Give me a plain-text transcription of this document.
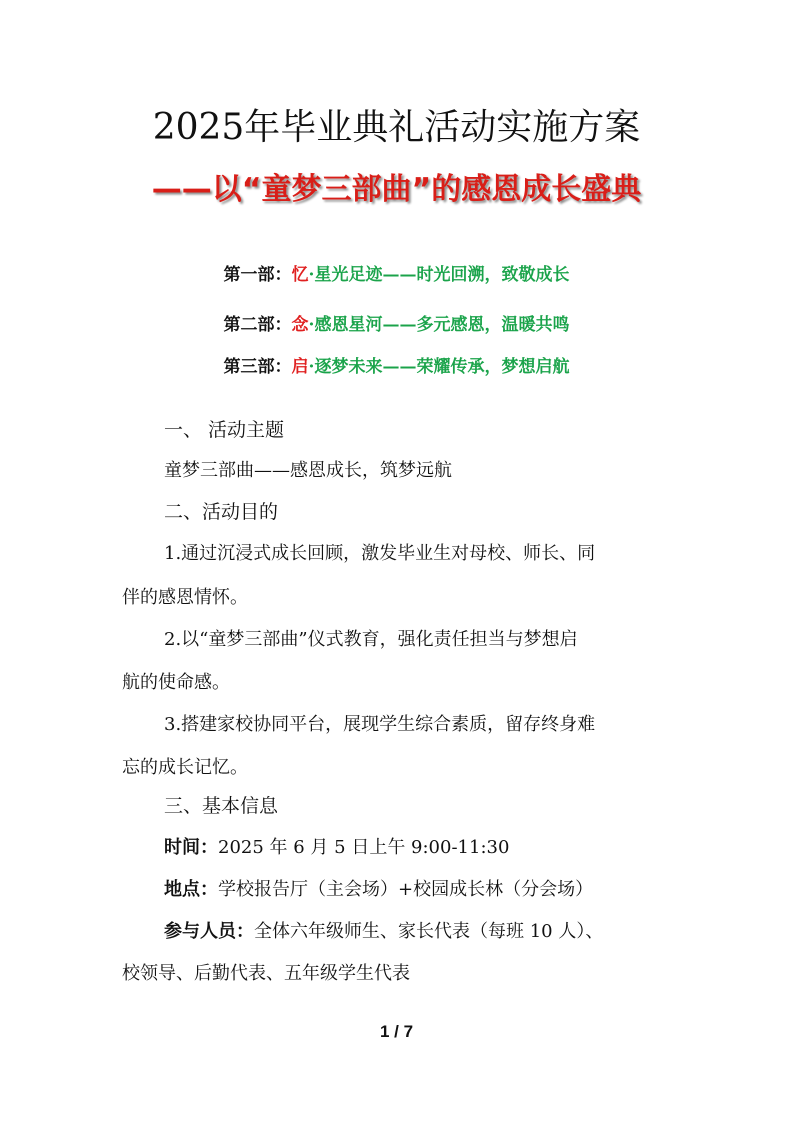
2025年毕业典礼活动实施方案
——以“童梦三部曲”的感恩成长盛典
第一部：忆·星光足迹——时光回溯，致敬成长
第二部：念·感恩星河——多元感恩，温暖共鸣
第三部：启·逐梦未来——荣耀传承，梦想启航
一、 活动主题
童梦三部曲——感恩成长，筑梦远航
二、活动目的
1.通过沉浸式成长回顾，激发毕业生对母校、师长、同
伴的感恩情怀。
2.以“童梦三部曲”仪式教育，强化责任担当与梦想启
航的使命感。
3.搭建家校协同平台，展现学生综合素质，留存终身难
忘的成长记忆。
三、基本信息
时间：2025 年 6 月 5 日上午 9:00-11:30
地点：学校报告厅（主会场）+校园成长林（分会场）
参与人员：全体六年级师生、家长代表（每班 10 人）、
校领导、后勤代表、五年级学生代表
1 / 7
